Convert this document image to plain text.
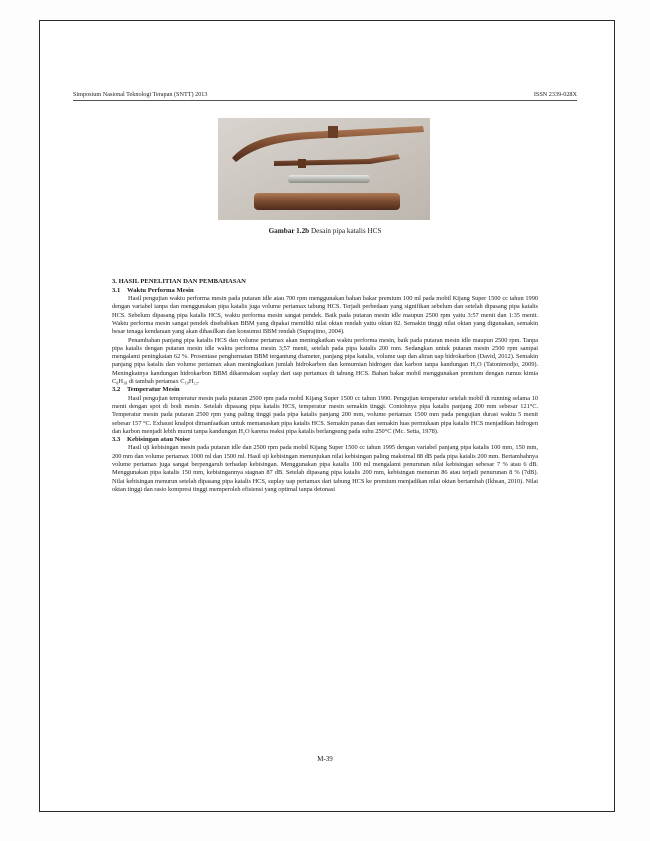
Simposium Nasional Teknologi Terapan (SNTT) 2013	ISSN 2339-028X
Gambar 1.2b Desain pipa katalis HCS
3. HASIL PENELITIAN DAN PEMBAHASAN
3.1 Waktu Performa Mesin

Hasil pengujian waktu performa mesin pada putaran idle atau 700 rpm menggunakan bahan bakar premium 100 ml pada mobil Kijang Super 1500 cc tahun 1990 dengan variabel tanpa dan menggunakan pipa katalis juga volume pertamax tabung HCS. Terjadi perbedaan yang signifikan sebelum dan setelah dipasang pipa katalis HCS. Sebelum dipasang pipa katalis HCS, waktu performa mesin sangat pendek. Baik pada putaran mesin idle maupun 2500 rpm yaitu 3:57 menit dan 1:35 menit. Waktu performa mesin sangat pendek disebabkan BBM yang dipakai memiliki nilai oktan rendah yaitu oktan 82. Semakin tinggi nilai oktan yang digunakan, semakin besar tenaga kendaraan yang akan dihasilkan dan konsumsi BBM rendah (Suprajitno, 2004).

Penambahan panjang pipa katalis HCS dan volume pertamax akan meningkatkan waktu performa mesin, baik pada putaran mesin idle maupun 2500 rpm. Tanpa pipa katalis dengan putaran mesin idle waktu performa mesin 3;57 menit, setelah pada pipa katalis 200 mm. Sedangkan untuk putaran mesin 2500 rpm sampai mengalami peningkatan 62 %. Prosentase penghematan BBM tergantung diameter, panjang pipa katalis, volume uap dan aliran uap hidrokarbon (David, 2012). Semakin panjang pipa katalis dan volume pertamax akan meningkatkan jumlah hidrokarbon dan kemurnian hidrogen dan karbon tanpa kandungan H₂O (Tatonimodjo, 2009). Meningkatnya kandungan hidrokarbon BBM dikarenakan suplay dari uap pertamax di tabung HCS. Bahan bakar mobil menggunakan premium dengan rumus kimia C₈H₁₈ di tambah pertamax C₁₀H₂₂.

3.2 Temperatur Mesin

Hasil pengujian temperatur mesin pada putaran 2500 rpm pada mobil Kijang Super 1500 cc tahun 1990. Pengujian temperatur setelah mobil di running selama 10 menit dengan spot di bodi mesin. Setelah dipasang pipa katalis HCS, temperatur mesin semakin tinggi. Contohnya pipa katalis panjang 200 mm sebesar 121°C. Temperatur mesin pada putaran 2500 rpm yang paling tinggi pada pipa katalis panjang 200 mm, volume pertamax 1500 mm pada pengujian durasi waktu 5 menit sebesar 157 °C. Exhaust knalpot dimanfaatkan untuk memanaskan pipa katalis HCS. Semakin panas dan semakin luas permukaan pipa katalis HCS menjadikan hidrogen dan karbon menjadi lebih murni tanpa kandungan H₂O karena reaksi pipa katalis berlangsung pada suhu 250°C (Mc. Setta, 1978).

3.3 Kebisingan atau Noise

Hasil uji kebisingan mesin pada putaran idle dan 2500 rpm pada mobil Kijang Super 1500 cc tahun 1995 dengan variabel panjang pipa katalis 100 mm, 150 mm, 200 mm dan volume pertamax 1000 ml dan 1500 ml. Hasil uji kebisingan menunjukan nilai kebisingan paling maksimal 88 dB pada pipa katalis 200 mm. Bertambahnya volume pertamax juga sangat berpengaruh terhadap kebisingan. Menggunakan pipa katalis 100 ml mengalami penurunan nilai kebisingan sebesar 7 % atau 6 dB. Menggunakan pipa katalis 150 mm, kebisingannya stagnan 87 dB. Setelah dipasang pipa katalis 200 mm, kebisingan menurun 86 atau terjadi penurunan 8 % (7dB). Nilai kebisingan menurun setelah dipasang pipa katalis HCS, suplay uap pertamax dari tabung HCS ke premium menjadikan nilai oktan bertambah (Ikhsan, 2010). Nilai oktan tinggi dan rasio kompresi tinggi memperoleh efisiensi yang optimal tanpa detonasi

M-39
